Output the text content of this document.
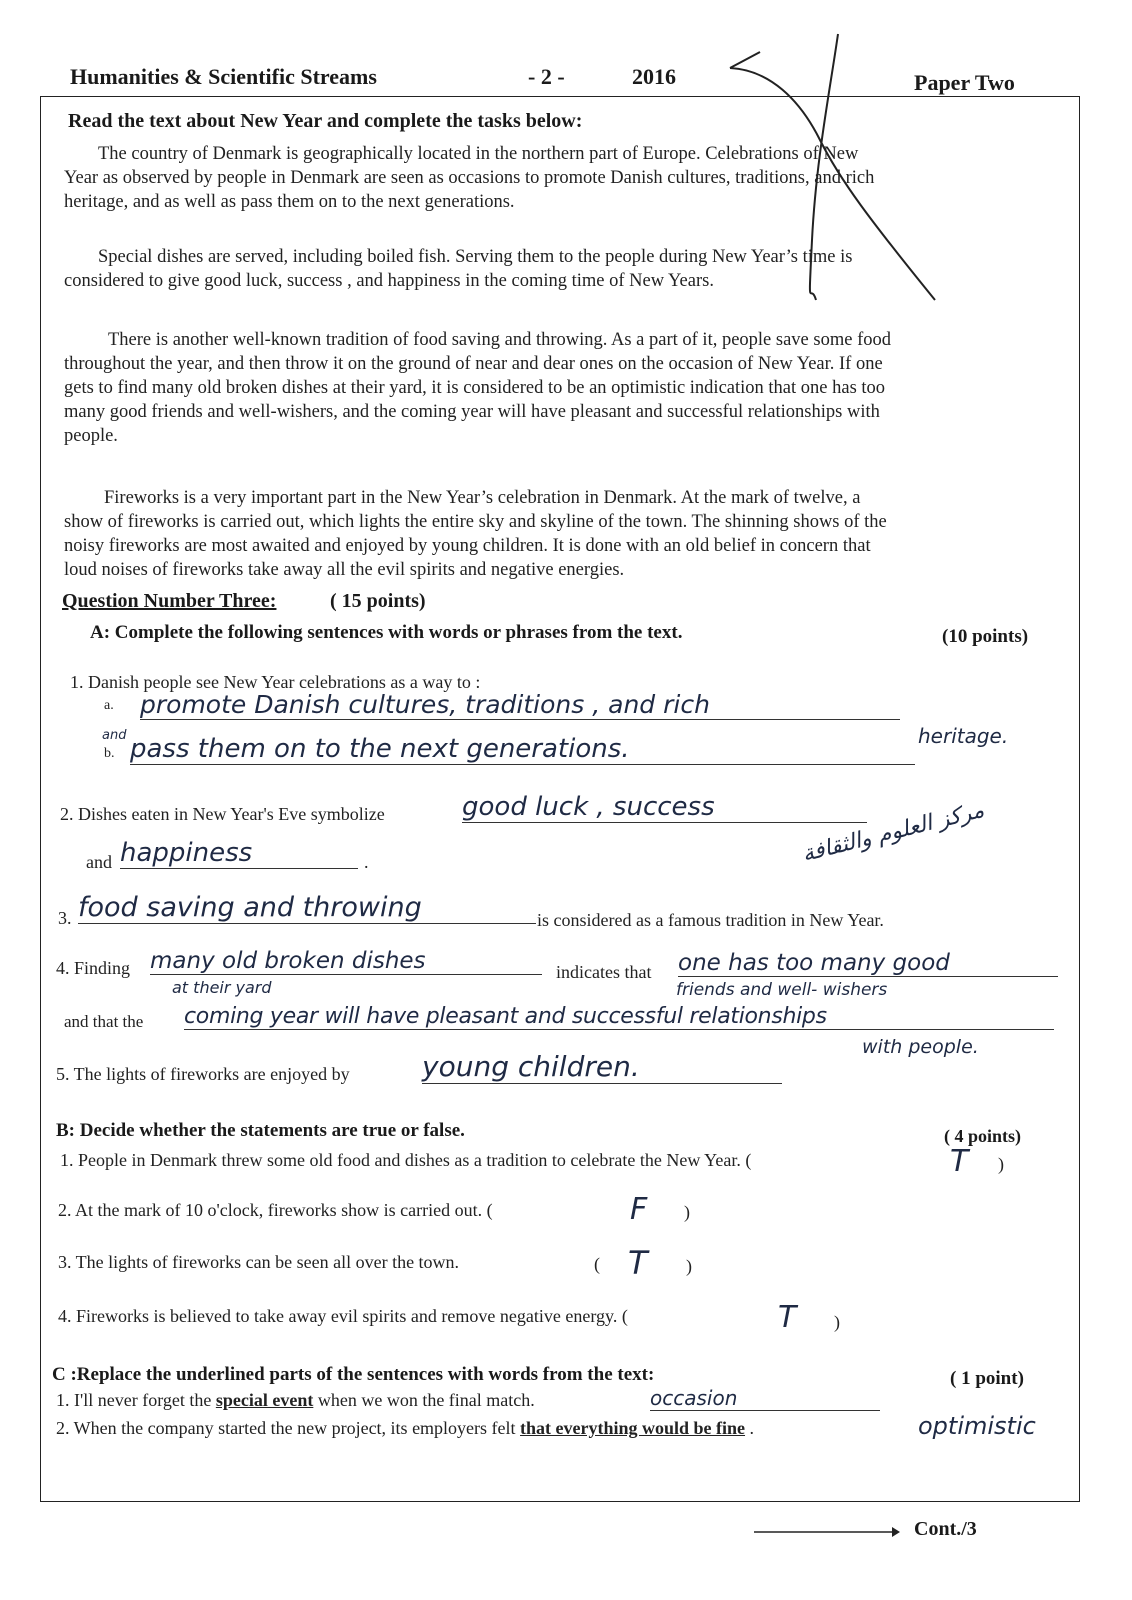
Humanities & Scientific Streams	- 2 -	2016	Paper Two
Read the text about New Year and complete the tasks below:

The country of Denmark is geographically located in the northern part of Europe. Celebrations of New

Year as observed by people in Denmark are seen as occasions to promote Danish cultures, traditions, and rich

heritage, and as well as pass them on to the next generations.

Special dishes are served, including boiled fish. Serving them to the people during New Year’s time is

considered to give good luck, success , and happiness in the coming time of New Years.

There is another well-known tradition of food saving and throwing. As a part of it, people save some food

throughout the year, and then throw it on the ground of near and dear ones on the occasion of New Year. If one

gets to find many old broken dishes at their yard, it is considered to be an optimistic indication that one has too

many good friends and well-wishers, and the coming year will have pleasant and successful relationships with

people.

Fireworks is a very important part in the New Year’s celebration in Denmark. At the mark of twelve, a

show of fireworks is carried out, which lights the entire sky and skyline of the town. The shinning shows of the

noisy fireworks are most awaited and enjoyed by young children. It is done with an old belief in concern that

loud noises of fireworks take away all the evil spirits and negative energies.

Question Number Three:	( 15 points)
A: Complete the following sentences with words or phrases from the text.	(10 points)
1. Danish people see New Year celebrations as a way to :
a. promote Danish cultures, traditions , and rich
heritage.
and
b. pass them on to the next generations.
2. Dishes eaten in New Year's Eve symbolize	good luck , success
and happiness	.	مركز العلوم والثقافة
3. food saving and throwing	is considered as a famous tradition in New Year.
4. Finding many old broken dishes
at their yard
indicates that one has too many good
friends and well- wishers
and that the coming year will have pleasant and successful relationships
with people.
5. The lights of fireworks are enjoyed by	young children.
B: Decide whether the statements are true or false.	( 4 points)
1. People in Denmark threw some old food and dishes as a tradition to celebrate the New Year. (	T )
2. At the mark of 10 o'clock, fireworks show is carried out. (	F )
3. The lights of fireworks can be seen all over the town.	( T )
4. Fireworks is believed to take away evil spirits and remove negative energy. (	T )
C :Replace the underlined parts of the sentences with words from the text:	( 1 point)
1. I'll never forget the special event when we won the final match.	occasion
2. When the company started the new project, its employers felt that everything would be fine .	optimistic
Cont./3
